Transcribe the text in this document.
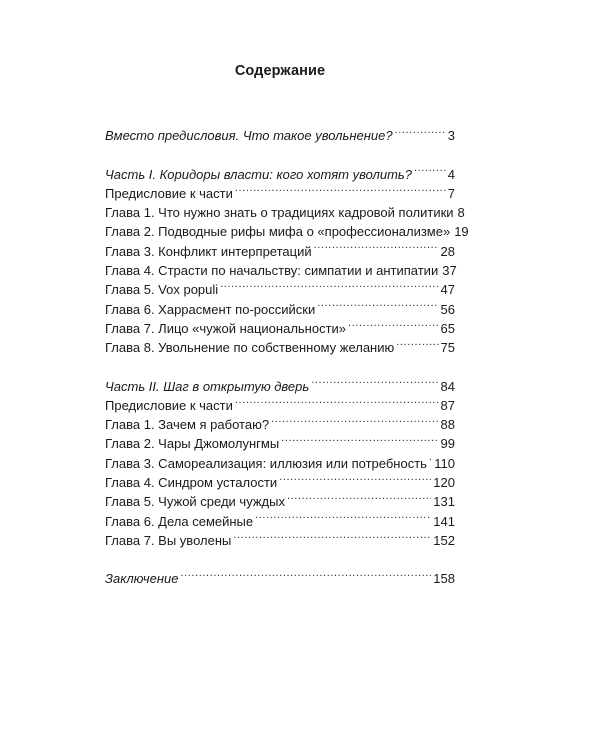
Содержание
Вместо предисловия. Что такое увольнение? .....	3
Часть I. Коридоры власти: кого хотят уволить? .....	4
Предисловие к части .....	7
Глава 1. Что нужно знать о традициях кадровой политики 8
Глава 2. Подводные рифы мифа о «профессионализме» 19
Глава 3. Конфликт интерпретаций .....	28
Глава 4. Страсти по начальству: симпатии и антипатии 37
Глава 5. Vox populi .....	47
Глава 6. Харрасмент по-российски .....	56
Глава 7. Лицо «чужой национальности» .....	65
Глава 8. Увольнение по собственному желанию .....	75
Часть II. Шаг в открытую дверь .....	84
Предисловие к части .....	87
Глава 1. Зачем я работаю? .....	88
Глава 2. Чары Джомолунгмы .....	99
Глава 3. Самореализация: иллюзия или потребность ..... 110
Глава 4. Синдром усталости .....	120
Глава 5. Чужой среди чуждых .....	131
Глава 6. Дела семейные .....	141
Глава 7. Вы уволены .....	152
Заключение .....	158
